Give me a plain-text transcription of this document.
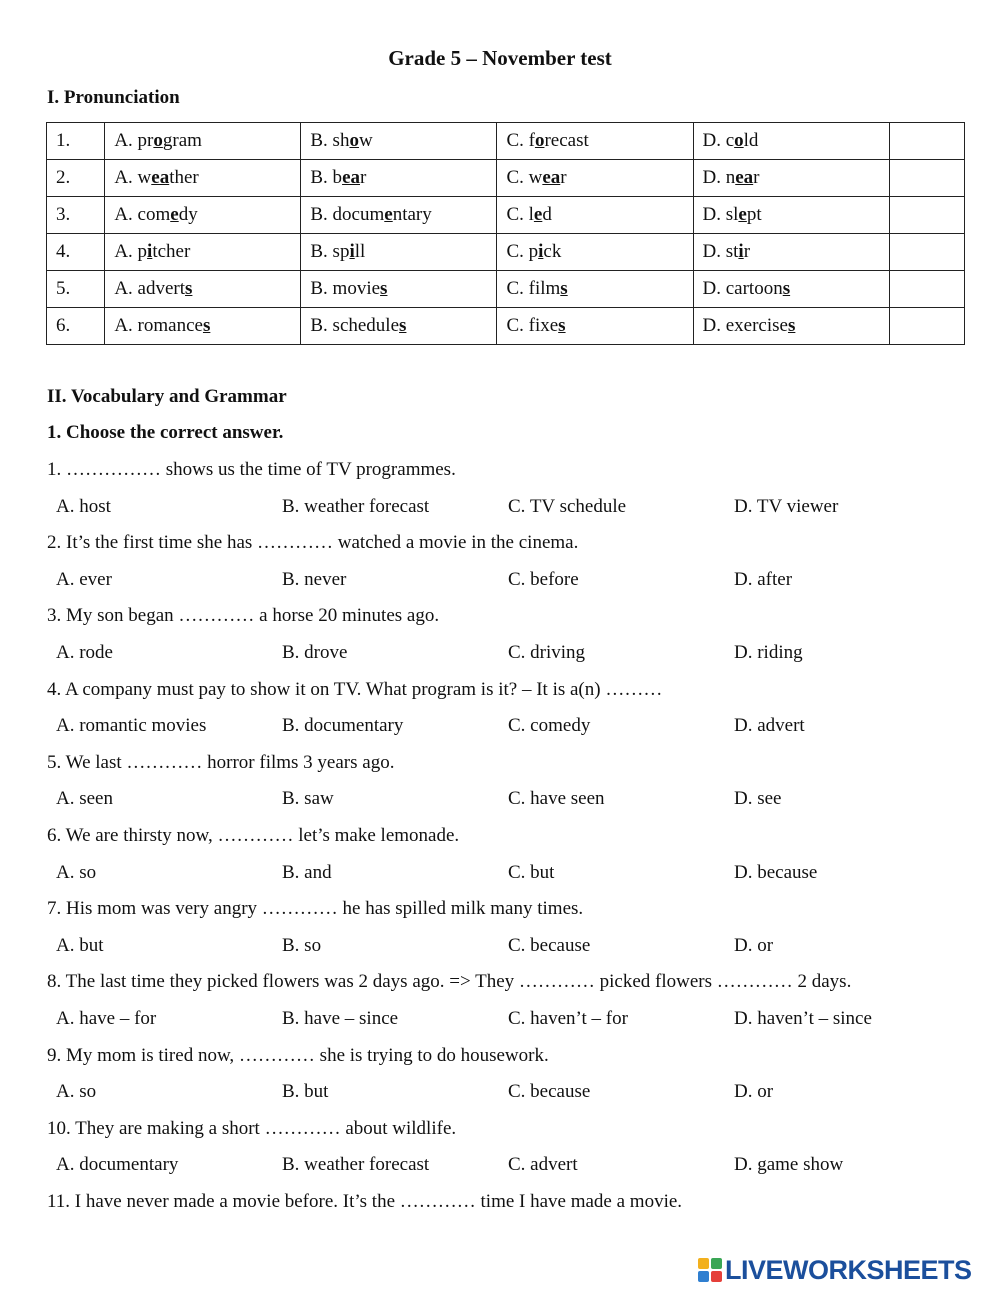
Grade 5 – November test
I. Pronunciation
1.	A. program	B. show	C. forecast	D. cold	
2.	A. weather	B. bear	C. wear	D. near	
3.	A. comedy	B. documentary	C. led	D. slept	
4.	A. pitcher	B. spill	C. pick	D. stir	
5.	A. adverts	B. movies	C. films	D. cartoons	
6.	A. romances	B. schedules	C. fixes	D. exercises	
II. Vocabulary and Grammar
1. Choose the correct answer.
1. …………… shows us the time of TV programmes.
A. host	B. weather forecast	C. TV schedule	D. TV viewer
2. It’s the first time she has ………… watched a movie in the cinema.
A. ever	B. never	C. before	D. after
3. My son began ………… a horse 20 minutes ago.
A. rode	B. drove	C. driving	D. riding
4. A company must pay to show it on TV. What program is it? – It is a(n) ………
A. romantic movies	B. documentary	C. comedy	D. advert
5. We last ………… horror films 3 years ago.
A. seen	B. saw	C. have seen	D. see
6. We are thirsty now, ………… let’s make lemonade.
A. so	B. and	C. but	D. because
7. His mom was very angry ………… he has spilled milk many times.
A. but	B. so	C. because	D. or
8. The last time they picked flowers was 2 days ago. => They ………… picked flowers ………… 2 days.
A. have – for	B. have – since	C. haven’t – for	D. haven’t – since
9. My mom is tired now, ………… she is trying to do housework.
A. so	B. but	C. because	D. or
10. They are making a short ………… about wildlife.
A. documentary	B. weather forecast	C. advert	D. game show
11. I have never made a movie before. It’s the ………… time I have made a movie.
LIVEWORKSHEETS
